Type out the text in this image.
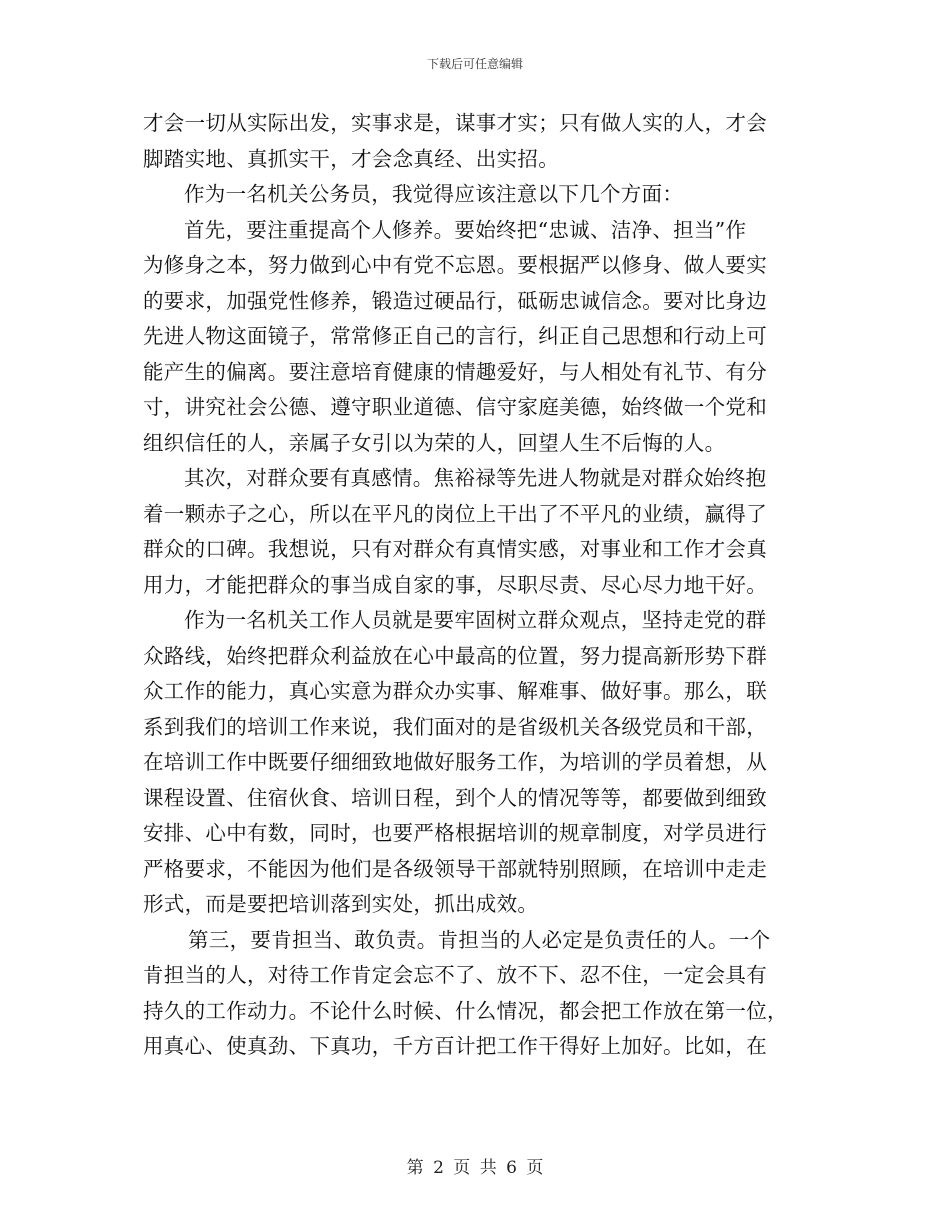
下载后可任意编辑
才会一切从实际出发，实事求是，谋事才实；只有做人实的人，才会
脚踏实地、真抓实干，才会念真经、出实招。
作为一名机关公务员，我觉得应该注意以下几个方面：
首先，要注重提高个人修养。要始终把“忠诚、洁净、担当”作
为修身之本，努力做到心中有党不忘恩。要根据严以修身、做人要实
的要求，加强党性修养，锻造过硬品行，砥砺忠诚信念。要对比身边
先进人物这面镜子，常常修正自己的言行，纠正自己思想和行动上可
能产生的偏离。要注意培育健康的情趣爱好，与人相处有礼节、有分
寸，讲究社会公德、遵守职业道德、信守家庭美德，始终做一个党和
组织信任的人，亲属子女引以为荣的人，回望人生不后悔的人。
其次，对群众要有真感情。焦裕禄等先进人物就是对群众始终抱
着一颗赤子之心，所以在平凡的岗位上干出了不平凡的业绩，赢得了
群众的口碑。我想说，只有对群众有真情实感，对事业和工作才会真
用力，才能把群众的事当成自家的事，尽职尽责、尽心尽力地干好。
作为一名机关工作人员就是要牢固树立群众观点，坚持走党的群
众路线，始终把群众利益放在心中最高的位置，努力提高新形势下群
众工作的能力，真心实意为群众办实事、解难事、做好事。那么，联
系到我们的培训工作来说，我们面对的是省级机关各级党员和干部，
在培训工作中既要仔细细致地做好服务工作，为培训的学员着想，从
课程设置、住宿伙食、培训日程，到个人的情况等等，都要做到细致
安排、心中有数，同时，也要严格根据培训的规章制度，对学员进行
严格要求，不能因为他们是各级领导干部就特别照顾，在培训中走走
形式，而是要把培训落到实处，抓出成效。
第三，要肯担当、敢负责。肯担当的人必定是负责任的人。一个
肯担当的人，对待工作肯定会忘不了、放不下、忍不住，一定会具有
持久的工作动力。不论什么时候、什么情况，都会把工作放在第一位，
用真心、使真劲、下真功，千方百计把工作干得好上加好。比如，在
第 2 页 共 6 页
